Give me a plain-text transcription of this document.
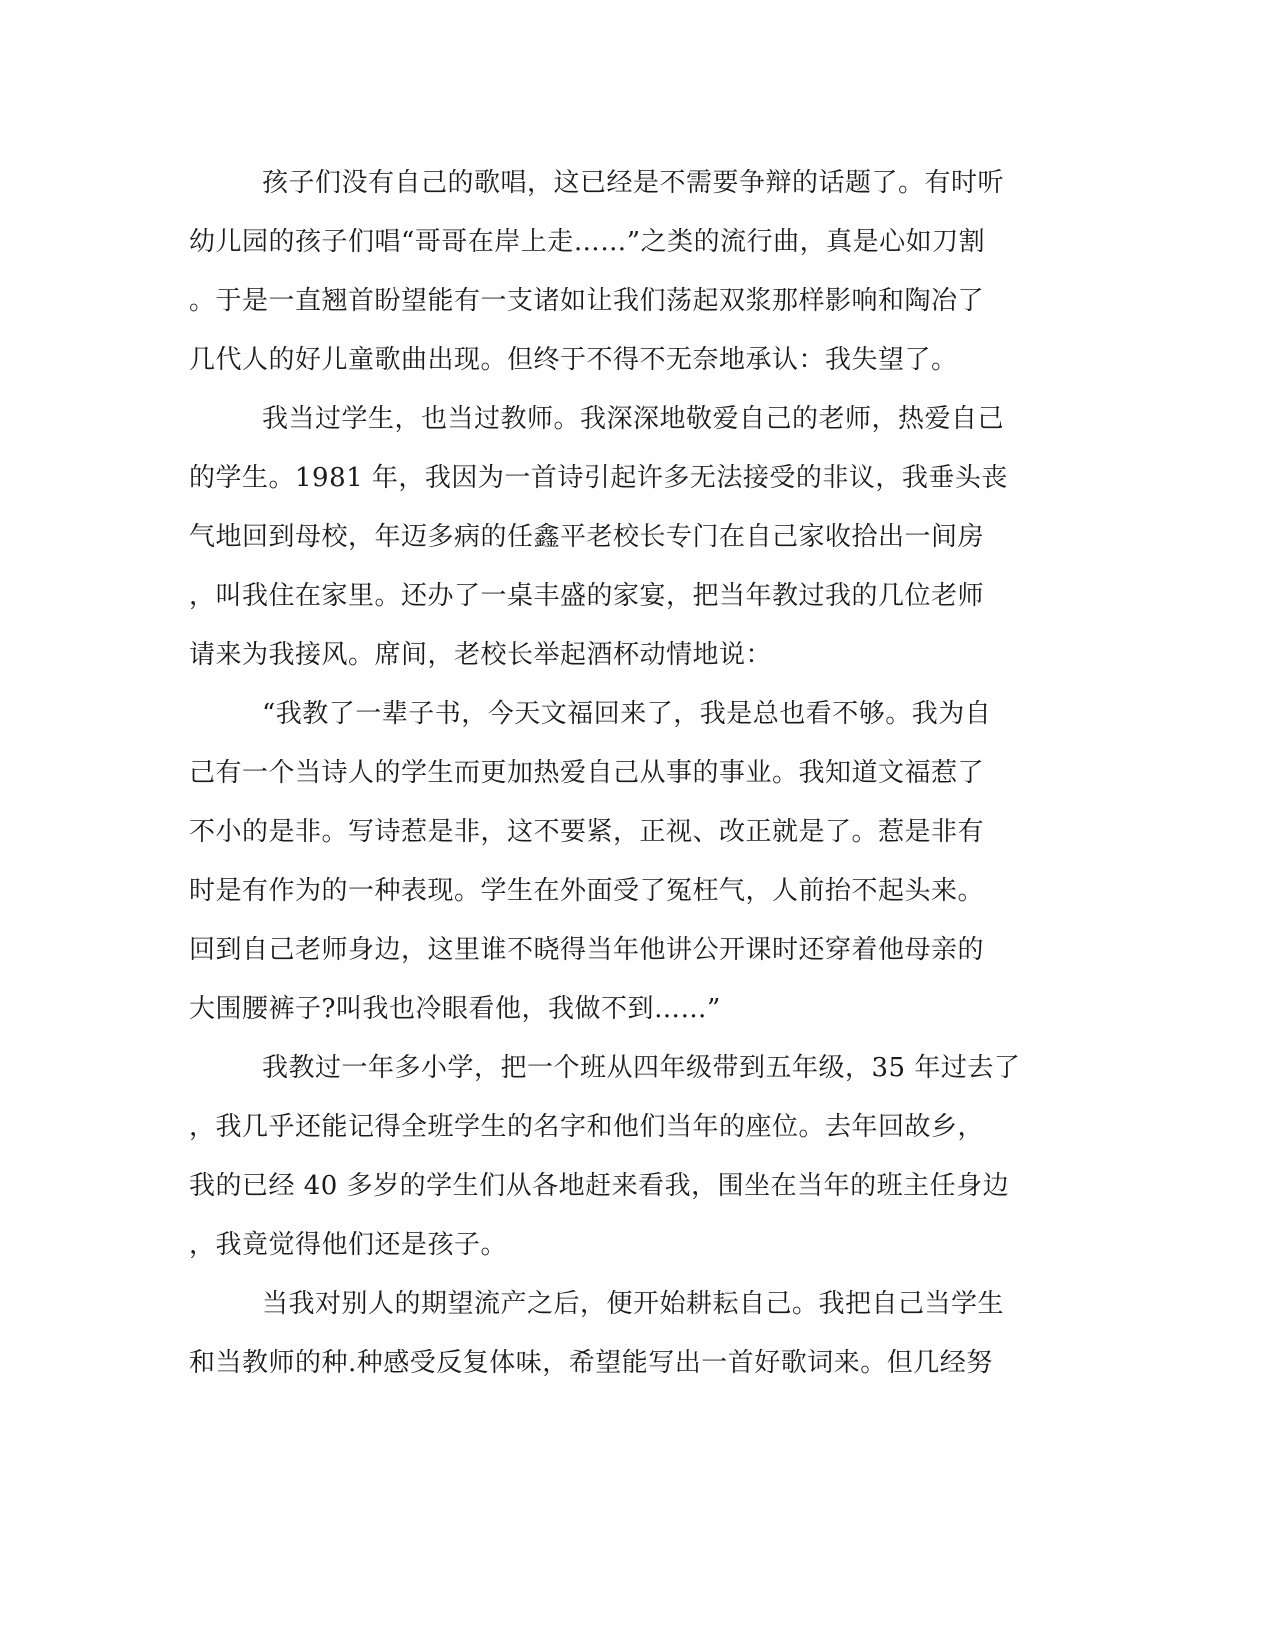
孩子们没有自己的歌唱，这已经是不需要争辩的话题了。有时听
幼儿园的孩子们唱“哥哥在岸上走……”之类的流行曲，真是心如刀割
。于是一直翘首盼望能有一支诸如让我们荡起双浆那样影响和陶冶了
几代人的好儿童歌曲出现。但终于不得不无奈地承认：我失望了。
我当过学生，也当过教师。我深深地敬爱自己的老师，热爱自己
的学生。1981 年，我因为一首诗引起许多无法接受的非议，我垂头丧
气地回到母校，年迈多病的任鑫平老校长专门在自己家收拾出一间房
，叫我住在家里。还办了一桌丰盛的家宴，把当年教过我的几位老师
请来为我接风。席间，老校长举起酒杯动情地说：
“我教了一辈子书，今天文福回来了，我是总也看不够。我为自
己有一个当诗人的学生而更加热爱自己从事的事业。我知道文福惹了
不小的是非。写诗惹是非，这不要紧，正视、改正就是了。惹是非有
时是有作为的一种表现。学生在外面受了冤枉气，人前抬不起头来。
回到自己老师身边，这里谁不晓得当年他讲公开课时还穿着他母亲的
大围腰裤子?叫我也冷眼看他，我做不到……”
我教过一年多小学，把一个班从四年级带到五年级，35 年过去了
，我几乎还能记得全班学生的名字和他们当年的座位。去年回故乡，
我的已经 40 多岁的学生们从各地赶来看我，围坐在当年的班主任身边
，我竟觉得他们还是孩子。
当我对别人的期望流产之后，便开始耕耘自己。我把自己当学生
和当教师的种.种感受反复体味，希望能写出一首好歌词来。但几经努
